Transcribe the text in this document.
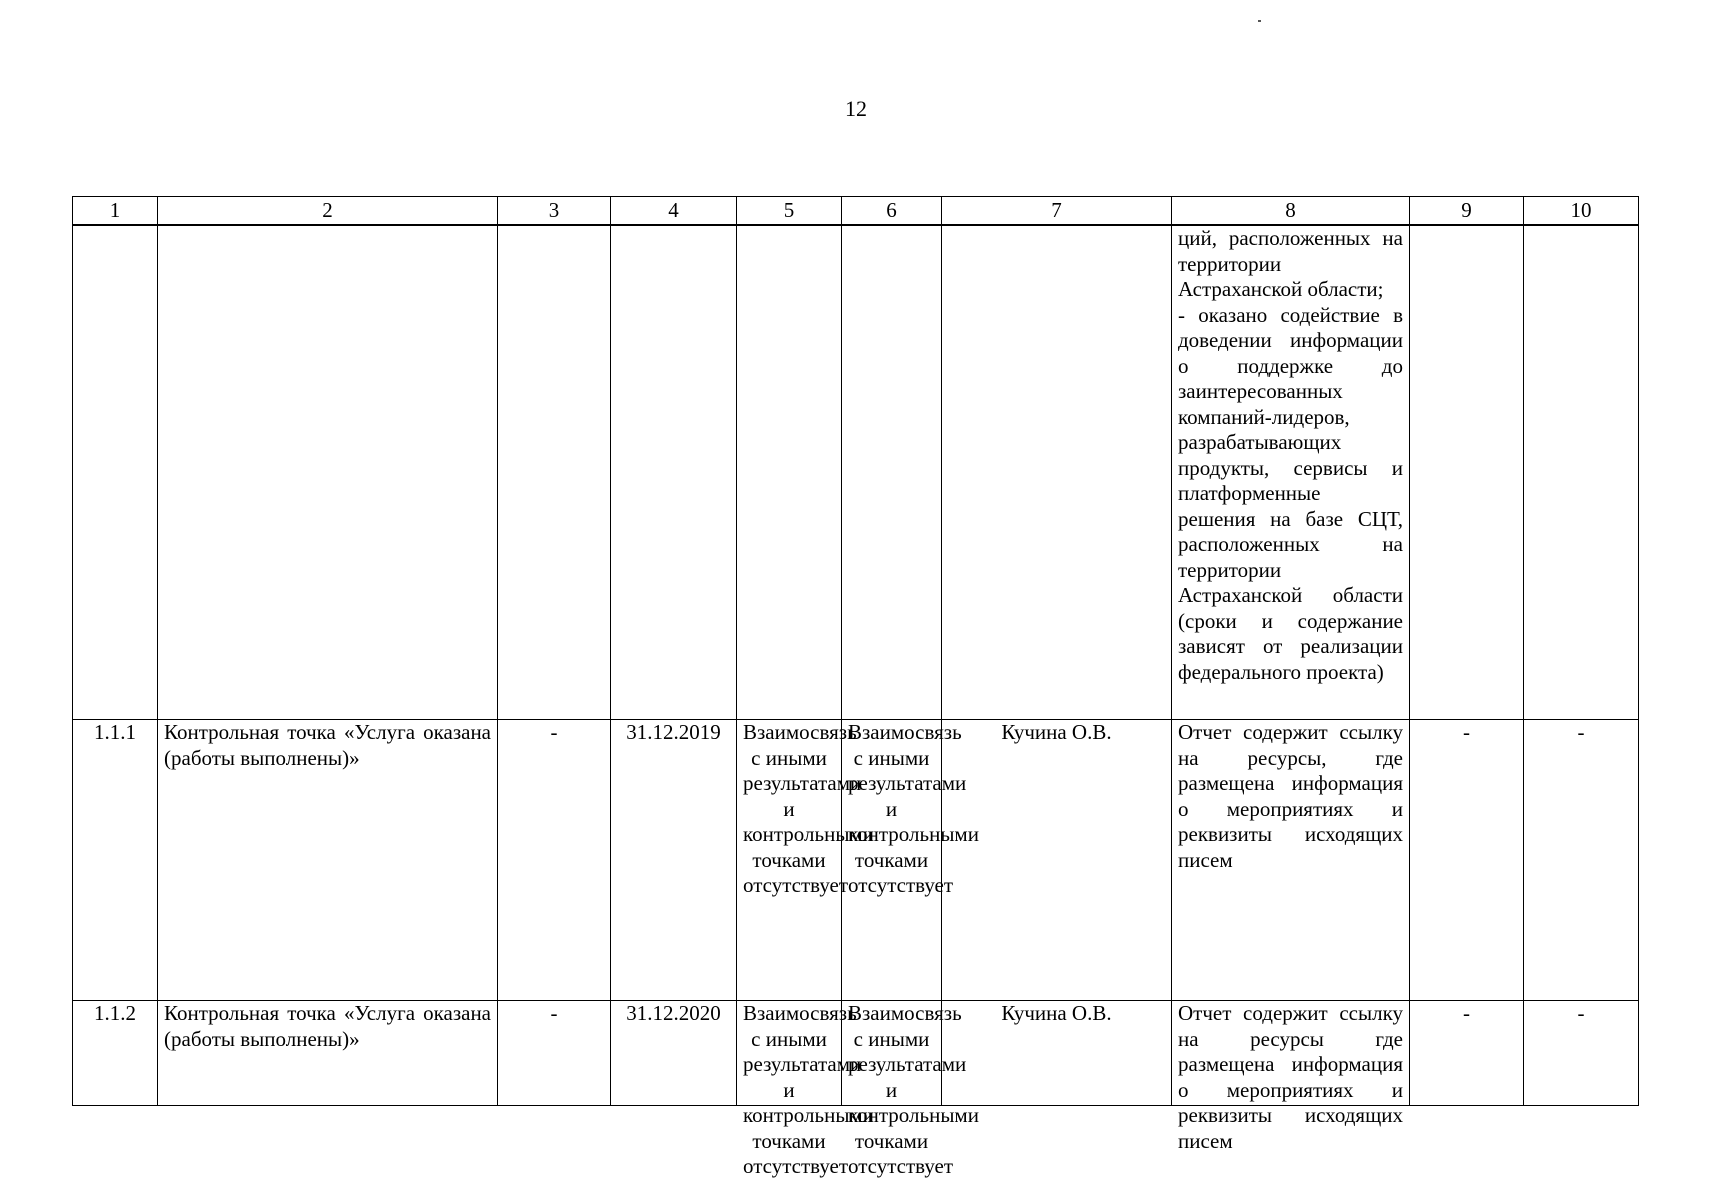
12
1	2	3	4	5	6	7	8	9	10
							ций, расположенных на территории Астраханской области;
- оказано содействие в доведении информации о поддержке до заинтересованных компаний-лидеров, разрабатывающих продукты, сервисы и платформенные решения на базе СЦТ, расположенных на территории Астраханской области (сроки и содержание зависят от реализации федерального проекта)		
1.1.1	Контрольная точка «Услуга оказана (работы выполнены)»	-	31.12.2019	Взаимосвязь с иными результатами и контрольными точками отсутствует	Взаимосвязь с иными результатами и контрольными точками отсутствует	Кучина О.В.	Отчет содержит ссылку на ресурсы, где размещена информация о мероприятиях и реквизиты исходящих писем	-	-
1.1.2	Контрольная точка «Услуга оказана (работы выполнены)»	-	31.12.2020	Взаимосвязь с иными результатами и контрольными точками отсутствует	Взаимосвязь с иными результатами и контрольными точками отсутствует	Кучина О.В.	Отчет содержит ссылку на ресурсы где размещена информация о мероприятиях и реквизиты исходящих писем	-	-
